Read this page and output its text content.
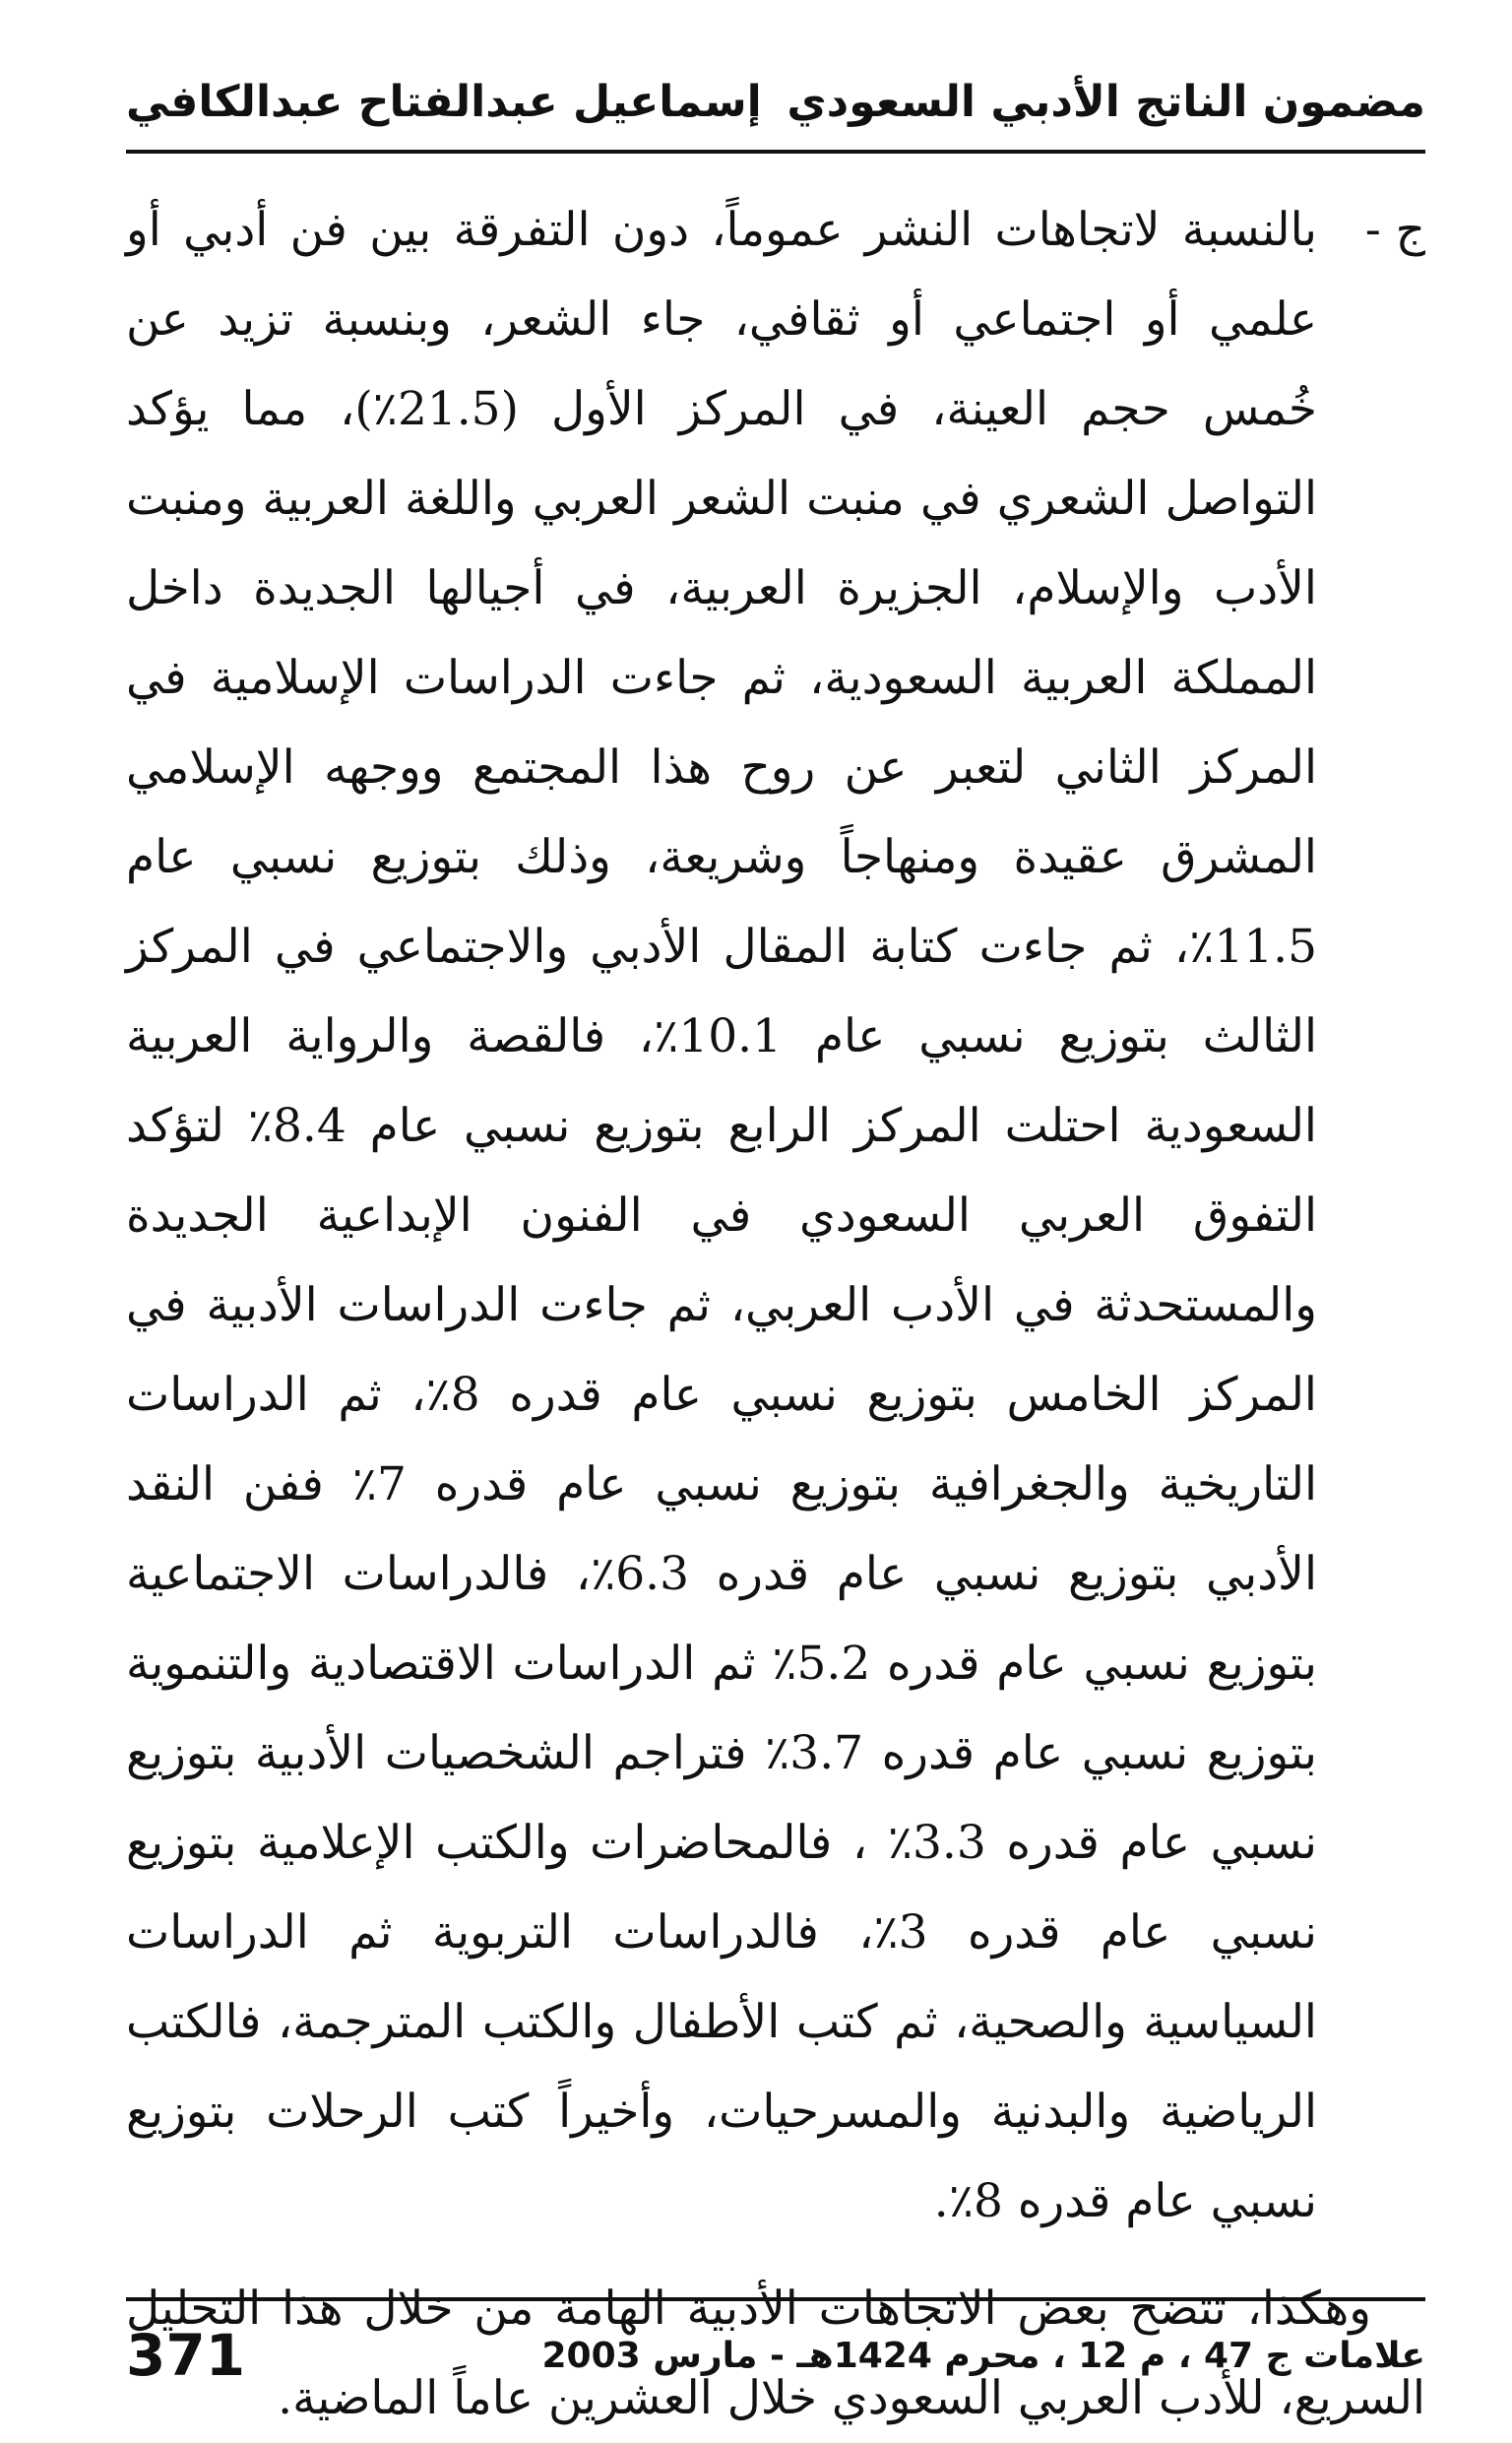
مضمون الناتج الأدبي السعودي
إسماعيل عبدالفتاح عبدالكافي
ج -
بالنسبة لاتجاهات النشر عموماً، دون التفرقة بين فن أدبي أو علمي أو اجتماعي أو ثقافي، جاء الشعر، وبنسبة تزيد عن خُمس حجم العينة، في المركز الأول (21.5٪)، مما يؤكد التواصل الشعري في منبت الشعر العربي واللغة العربية ومنبت الأدب والإسلام، الجزيرة العربية، في أجيالها الجديدة داخل المملكة العربية السعودية، ثم جاءت الدراسات الإسلامية في المركز الثاني لتعبر عن روح هذا المجتمع ووجهه الإسلامي المشرق عقيدة ومنهاجاً وشريعة، وذلك بتوزيع نسبي عام 11.5٪، ثم جاءت كتابة المقال الأدبي والاجتماعي في المركز الثالث بتوزيع نسبي عام 10.1٪، فالقصة والرواية العربية السعودية احتلت المركز الرابع بتوزيع نسبي عام 8.4٪ لتؤكد التفوق العربي السعودي في الفنون الإبداعية الجديدة والمستحدثة في الأدب العربي، ثم جاءت الدراسات الأدبية في المركز الخامس بتوزيع نسبي عام قدره 8٪، ثم الدراسات التاريخية والجغرافية بتوزيع نسبي عام قدره 7٪ ففن النقد الأدبي بتوزيع نسبي عام قدره 6.3٪، فالدراسات الاجتماعية بتوزيع نسبي عام قدره 5.2٪ ثم الدراسات الاقتصادية والتنموية بتوزيع نسبي عام قدره 3.7٪ فتراجم الشخصيات الأدبية بتوزيع نسبي عام قدره 3.3٪ ، فالمحاضرات والكتب الإعلامية بتوزيع نسبي عام قدره 3٪، فالدراسات التربوية ثم الدراسات السياسية والصحية، ثم كتب الأطفال والكتب المترجمة، فالكتب الرياضية والبدنية والمسرحيات، وأخيراً كتب الرحلات بتوزيع نسبي عام قدره 8٪.
وهكذا، تتضح بعض الاتجاهات الأدبية الهامة من خلال هذا التحليل السريع، للأدب العربي السعودي خلال العشرين عاماً الماضية.
371	علامات ج 47 ، م 12 ، محرم 1424هـ - مارس 2003
